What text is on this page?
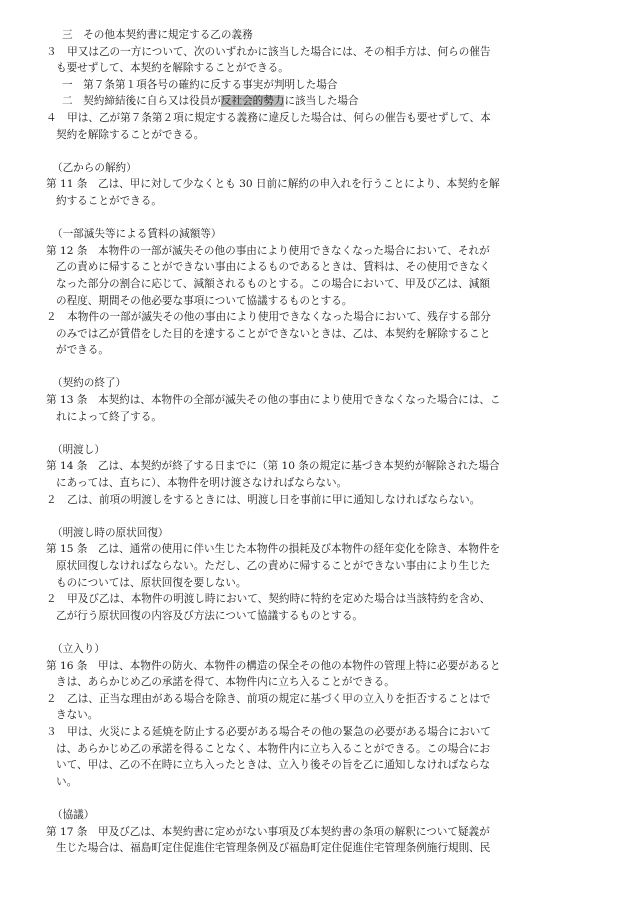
三　その他本契約書に規定する乙の義務
３　甲又は乙の一方について、次のいずれかに該当した場合には、その相手方は、何らの催告
も要せずして、本契約を解除することができる。
一　第７条第１項各号の確約に反する事実が判明した場合
二　契約締結後に自ら又は役員が反社会的勢力に該当した場合
４　甲は、乙が第７条第２項に規定する義務に違反した場合は、何らの催告も要せずして、本
契約を解除することができる。
（乙からの解約）
第 11 条　乙は、甲に対して少なくとも 30 日前に解約の申入れを行うことにより、本契約を解
約することができる。
（一部滅失等による賃料の減額等）
第 12 条　本物件の一部が滅失その他の事由により使用できなくなった場合において、それが
乙の責めに帰することができない事由によるものであるときは、賃料は、その使用できなく
なった部分の割合に応じて、減額されるものとする。この場合において、甲及び乙は、減額
の程度、期間その他必要な事項について協議するものとする。
２　本物件の一部が滅失その他の事由により使用できなくなった場合において、残存する部分
のみでは乙が賃借をした目的を達することができないときは、乙は、本契約を解除すること
ができる。
（契約の終了）
第 13 条　本契約は、本物件の全部が滅失その他の事由により使用できなくなった場合には、こ
れによって終了する。
（明渡し）
第 14 条　乙は、本契約が終了する日までに（第 10 条の規定に基づき本契約が解除された場合
にあっては、直ちに）、本物件を明け渡さなければならない。
２　乙は、前項の明渡しをするときには、明渡し日を事前に甲に通知しなければならない。
（明渡し時の原状回復）
第 15 条　乙は、通常の使用に伴い生じた本物件の損耗及び本物件の経年変化を除き、本物件を
原状回復しなければならない。ただし、乙の責めに帰することができない事由により生じた
ものについては、原状回復を要しない。
２　甲及び乙は、本物件の明渡し時において、契約時に特約を定めた場合は当該特約を含め、
乙が行う原状回復の内容及び方法について協議するものとする。
（立入り）
第 16 条　甲は、本物件の防火、本物件の構造の保全その他の本物件の管理上特に必要があると
きは、あらかじめ乙の承諾を得て、本物件内に立ち入ることができる。
２　乙は、正当な理由がある場合を除き、前項の規定に基づく甲の立入りを拒否することはで
きない。
３　甲は、火災による延焼を防止する必要がある場合その他の緊急の必要がある場合において
は、あらかじめ乙の承諾を得ることなく、本物件内に立ち入ることができる。この場合にお
いて、甲は、乙の不在時に立ち入ったときは、立入り後その旨を乙に通知しなければならな
い。
（協議）
第 17 条　甲及び乙は、本契約書に定めがない事項及び本契約書の条項の解釈について疑義が
生じた場合は、福島町定住促進住宅管理条例及び福島町定住促進住宅管理条例施行規則、民
